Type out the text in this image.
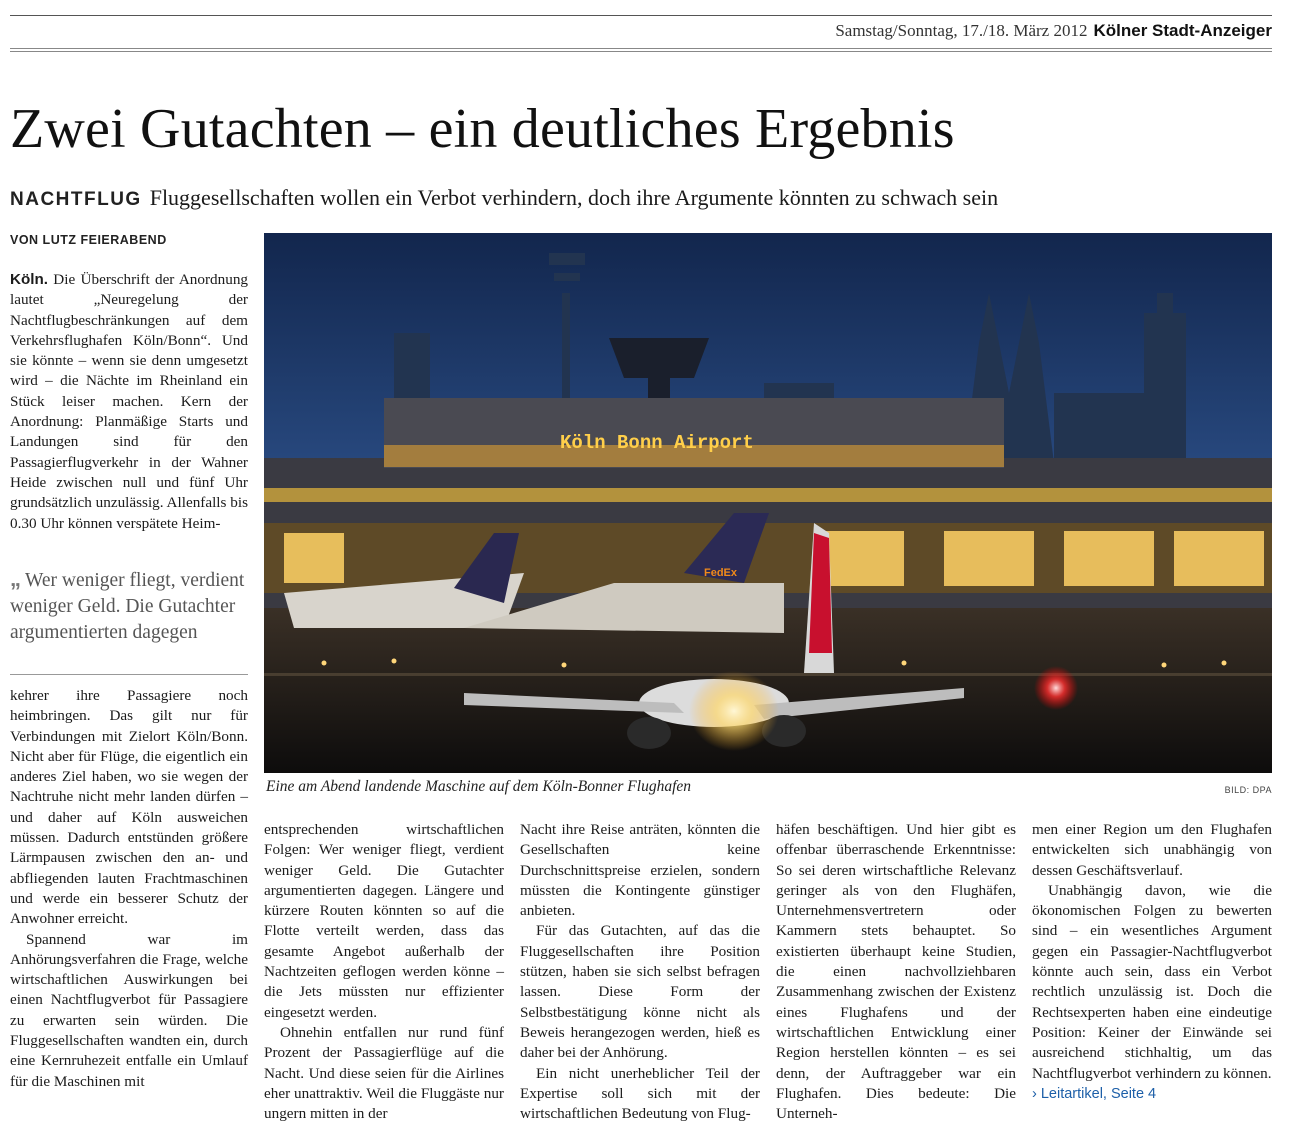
Samstag/Sonntag, 17./18. März 2012 Kölner Stadt-Anzeiger
Zwei Gutachten – ein deutliches Ergebnis
NACHTFLUG Fluggesellschaften wollen ein Verbot verhindern, doch ihre Argumente könnten zu schwach sein
VON LUTZ FEIERABEND

Köln. Die Überschrift der Anordnung lautet „Neuregelung der Nachtflugbeschränkungen auf dem Verkehrsflughafen Köln/Bonn“. Und sie könnte – wenn sie denn umgesetzt wird – die Nächte im Rheinland ein Stück leiser machen. Kern der Anordnung: Planmäßige Starts und Landungen sind für den Passagierflugverkehr in der Wahner Heide zwischen null und fünf Uhr grundsätzlich unzulässig. Allenfalls bis 0.30 Uhr können verspätete Heim-

„ Wer weniger fliegt, verdient weniger Geld. Die Gutachter argumentierten dagegen

kehrer ihre Passagiere noch heimbringen. Das gilt nur für Verbindungen mit Zielort Köln/Bonn. Nicht aber für Flüge, die eigentlich ein anderes Ziel haben, wo sie wegen der Nachtruhe nicht mehr landen dürfen – und daher auf Köln ausweichen müssen. Dadurch entstünden größere Lärmpausen zwischen den an- und abfliegenden lauten Frachtmaschinen und werde ein besserer Schutz der Anwohner erreicht.

Spannend war im Anhörungsverfahren die Frage, welche wirtschaftlichen Auswirkungen bei einen Nachtflugverbot für Passagiere zu erwarten sein würden. Die Fluggesellschaften wandten ein, durch eine Kernruhezeit entfalle ein Umlauf für die Maschinen mit

Köln Bonn Airport
FedEx
Eine am Abend landende Maschine auf dem Köln-Bonner Flughafen	BILD: DPA

entsprechenden wirtschaftlichen Folgen: Wer weniger fliegt, verdient weniger Geld. Die Gutachter argumentierten dagegen. Längere und kürzere Routen könnten so auf die Flotte verteilt werden, dass das gesamte Angebot außerhalb der Nachtzeiten geflogen werden könne – die Jets müssten nur effizienter eingesetzt werden.

Ohnehin entfallen nur rund fünf Prozent der Passagierflüge auf die Nacht. Und diese seien für die Airlines eher unattraktiv. Weil die Fluggäste nur ungern mitten in der

Nacht ihre Reise anträten, könnten die Gesellschaften keine Durchschnittspreise erzielen, sondern müssten die Kontingente günstiger anbieten.

Für das Gutachten, auf das die Fluggesellschaften ihre Position stützen, haben sie sich selbst befragen lassen. Diese Form der Selbstbestätigung könne nicht als Beweis herangezogen werden, hieß es daher bei der Anhörung.

Ein nicht unerheblicher Teil der Expertise soll sich mit der wirtschaftlichen Bedeutung von Flug-

häfen beschäftigen. Und hier gibt es offenbar überraschende Erkenntnisse: So sei deren wirtschaftliche Relevanz geringer als von den Flughäfen, Unternehmensvertretern oder Kammern stets behauptet. So existierten überhaupt keine Studien, die einen nachvollziehbaren Zusammenhang zwischen der Existenz eines Flughafens und der wirtschaftlichen Entwicklung einer Region herstellen könnten – es sei denn, der Auftraggeber war ein Flughafen. Dies bedeute: Die Unterneh-

men einer Region um den Flughafen entwickelten sich unabhängig von dessen Geschäftsverlauf.

Unabhängig davon, wie die ökonomischen Folgen zu bewerten sind – ein wesentliches Argument gegen ein Passagier-Nachtflugverbot könnte auch sein, dass ein Verbot rechtlich unzulässig ist. Doch die Rechtsexperten haben eine eindeutige Position: Keiner der Einwände sei ausreichend stichhaltig, um das Nachtflugverbot verhindern zu können.

› Leitartikel, Seite 4
